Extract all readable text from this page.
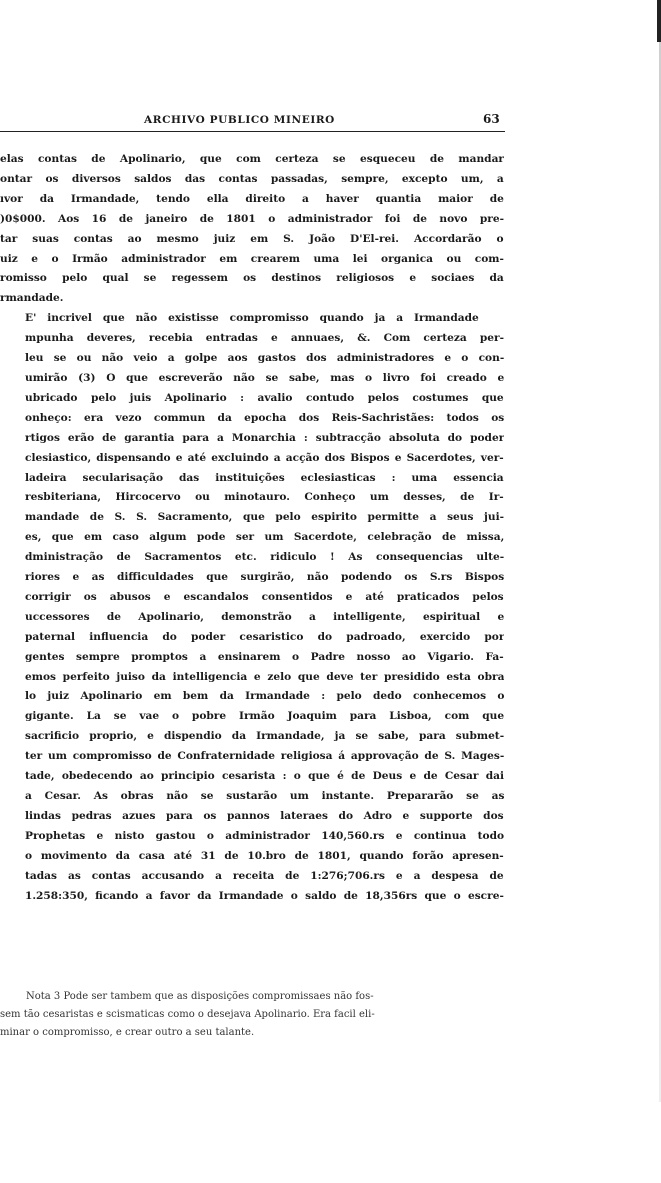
ARCHIVO PUBLICO MINEIRO	63

elas contas de Apolinario, que com certeza se esqueceu de mandar
ontar os diversos saldos das contas passadas, sempre, excepto um, a
ıvor da Irmandade, tendo ella direito a haver quantia maior de
)0$000. Aos 16 de janeiro de 1801 o administrador foi de novo pre-
tar suas contas ao mesmo juiz em S. João D'El-rei. Accordarão o
uiz e o Irmão administrador em crearem uma lei organica ou com-
romisso pelo qual se regessem os destinos religiosos e sociaes da
rmandade.

E' incrivel que não existisse compromisso quando ja a Irmandade
mpunha deveres, recebia entradas e annuaes, &. Com certeza per-
leu se ou não veio a golpe aos gastos dos administradores e o con-
umirão (3) O que escreverão não se sabe, mas o livro foi creado e
ubricado pelo juis Apolinario : avalio contudo pelos costumes que
onheço: era vezo commun da epocha dos Reis-Sachristães: todos os
rtigos erão de garantia para a Monarchia : subtracção absoluta do poder
clesiastico, dispensando e até excluindo a acção dos Bispos e Sacerdotes, ver-
ladeira secularisação das instituições eclesiasticas : uma essencia
resbiteriana, Hircocervo ou minotauro. Conheço um desses, de Ir-
mandade de S. S. Sacramento, que pelo espirito permitte a seus jui-
es, que em caso algum pode ser um Sacerdote, celebração de missa,
dministração de Sacramentos etc. ridiculo ! As consequencias ulte-
riores e as difficuldades que surgirão, não podendo os S.rs Bispos
corrigir os abusos e escandalos consentidos e até praticados pelos
uccessores de Apolinario, demonstrão a intelligente, espiritual e
paternal influencia do poder cesaristico do padroado, exercido por
gentes sempre promptos a ensinarem o Padre nosso ao Vigario. Fa-
emos perfeito juiso da intelligencia e zelo que deve ter presidido esta obra
lo juiz Apolinario em bem da Irmandade : pelo dedo conhecemos o
gigante. La se vae o pobre Irmão Joaquim para Lisboa, com que
sacrificio proprio, e dispendio da Irmandade, ja se sabe, para submet-
ter um compromisso de Confraternidade religiosa á approvação de S. Mages-
tade, obedecendo ao principio cesarista : o que é de Deus e de Cesar dai
a Cesar. As obras não se sustarão um instante. Prepararão se as
lindas pedras azues para os pannos lateraes do Adro e supporte dos
Prophetas e nisto gastou o administrador 140,560.rs e continua todo
o movimento da casa até 31 de 10.bro de 1801, quando forão apresen-
tadas as contas accusando a receita de 1:276;706.rs e a despesa de
1.258:350, ficando a favor da Irmandade o saldo de 18,356rs que o escre-

Nota 3 Pode ser tambem que as disposições compromissaes não fos-
sem tão cesaristas e scismaticas como o desejava Apolinario. Era facil eli-
minar o compromisso, e crear outro a seu talante.
